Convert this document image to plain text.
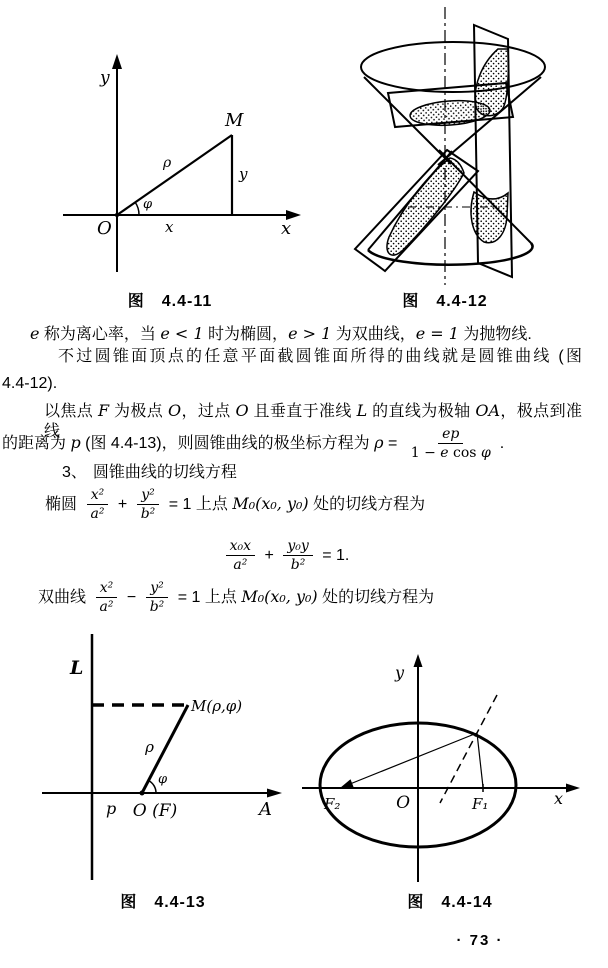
y
M
ρ
φ
y
x
O	x
L
M(ρ,φ)
ρ
φ
p O (F)	A
y
x
O
F₂	F₁
图　4.4-11	图　4.4-12
图　4.4-13	图　4.4-14
e 称为离心率，当 e < 1 时为椭圆，e > 1 为双曲线，e = 1 为抛物线.
不过圆锥面顶点的任意平面截圆锥面所得的曲线就是圆锥曲线 (图
4.4-12).
以焦点 F 为极点 O，过点 O 且垂直于准线 L 的直线为极轴 OA，极点到准线
的距离为 p (图 4.4-13)，则圆锥曲线的极坐标方程为 $\rho = \frac{ep}{\text{1 − e cos φ}}$ .
3、 圆锥曲线的切线方程
椭圆 $\frac{\text{x²}}{\text{a²}} + \frac{\text{y²}}{\text{b²}} = 1$ 上点 M₀(x₀, y₀) 处的切线方程为
$\frac{\text{x₀x}}{\text{a²}} + \frac{\text{y₀y}}{\text{b²}} = 1$.
双曲线 $\frac{\text{x²}}{\text{a²}} - \frac{\text{y²}}{\text{b²}} = 1$ 上点 M₀(x₀, y₀) 处的切线方程为
· 73 ·
